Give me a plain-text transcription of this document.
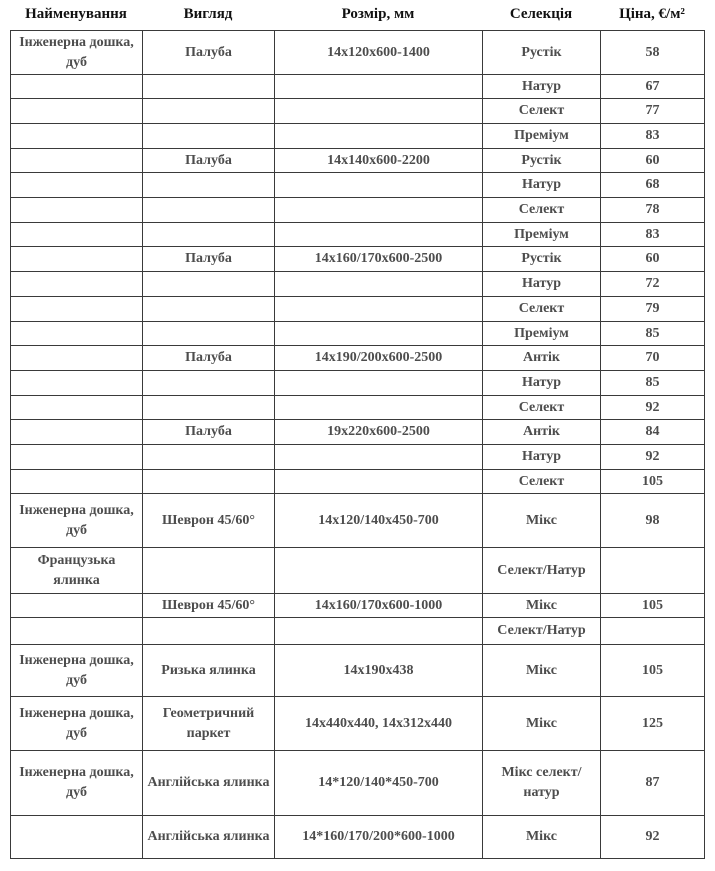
Найменування	Вигляд	Розмір, мм	Селекція	Ціна, €/м²
Інженерна дошка, дуб	Палуба	14x120x600-1400	Рустік	58
			Натур	67
			Селект	77
			Преміум	83
	Палуба	14x140x600-2200	Рустік	60
			Натур	68
			Селект	78
			Преміум	83
	Палуба	14x160/170x600-2500	Рустік	60
			Натур	72
			Селект	79
			Преміум	85
	Палуба	14x190/200x600-2500	Антік	70
			Натур	85
			Селект	92
	Палуба	19x220x600-2500	Антік	84
			Натур	92
			Селект	105
Інженерна дошка, дуб	Шеврон 45/60°	14x120/140x450-700	Мікс	98
Французька ялинка			Селект/Натур	
	Шеврон 45/60°	14x160/170x600-1000	Мікс	105
			Селект/Натур	
Інженерна дошка, дуб	Ризька ялинка	14x190x438	Мікс	105
Інженерна дошка, дуб	Геометричний паркет	14x440x440, 14x312x440	Мікс	125
Інженерна дошка, дуб	Англійська ялинка	14*120/140*450-700	Мікс селект/ натур	87
	Англійська ялинка	14*160/170/200*600-1000	Мікс	92
